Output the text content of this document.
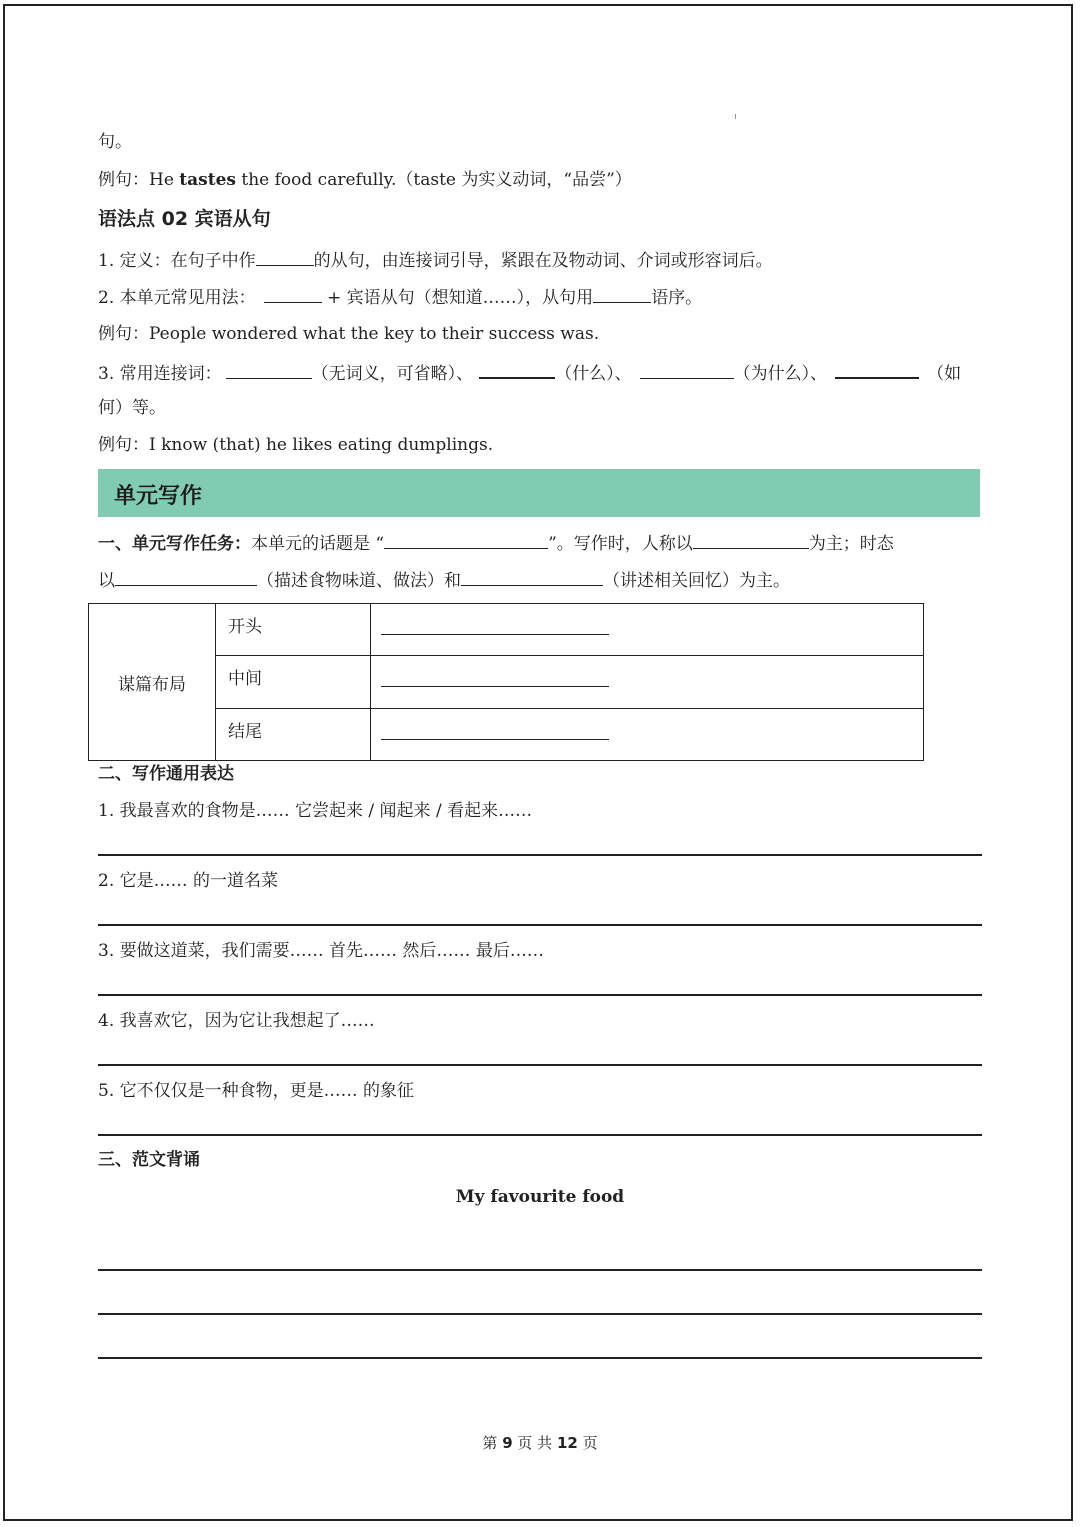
句。
例句：He tastes the food carefully.（taste 为实义动词，“品尝”）
语法点 02 宾语从句
1. 定义：在句子中作	的从句，由连接词引导，紧跟在及物动词、介词或形容词后。
2. 本单元常见用法：	+ 宾语从句（想知道……），从句用	语序。
例句：People wondered what the key to their success was.
3. 常用连接词：	（无词义，可省略）、	（什么）、	（为什么）、	（如
何）等。
例句：I know (that) he likes eating dumplings.
单元写作
一、单元写作任务：本单元的话题是 “	”。写作时，人称以	为主；时态
以	（描述食物味道、做法）和	（讲述相关回忆）为主。
谋篇布局	开头	

	中间	

	结尾	
二、写作通用表达
1. 我最喜欢的食物是…… 它尝起来 / 闻起来 / 看起来……
2. 它是…… 的一道名菜
3. 要做这道菜，我们需要…… 首先…… 然后…… 最后……
4. 我喜欢它，因为它让我想起了……
5. 它不仅仅是一种食物，更是…… 的象征
三、范文背诵
My favourite food
第 9 页 共 12 页
